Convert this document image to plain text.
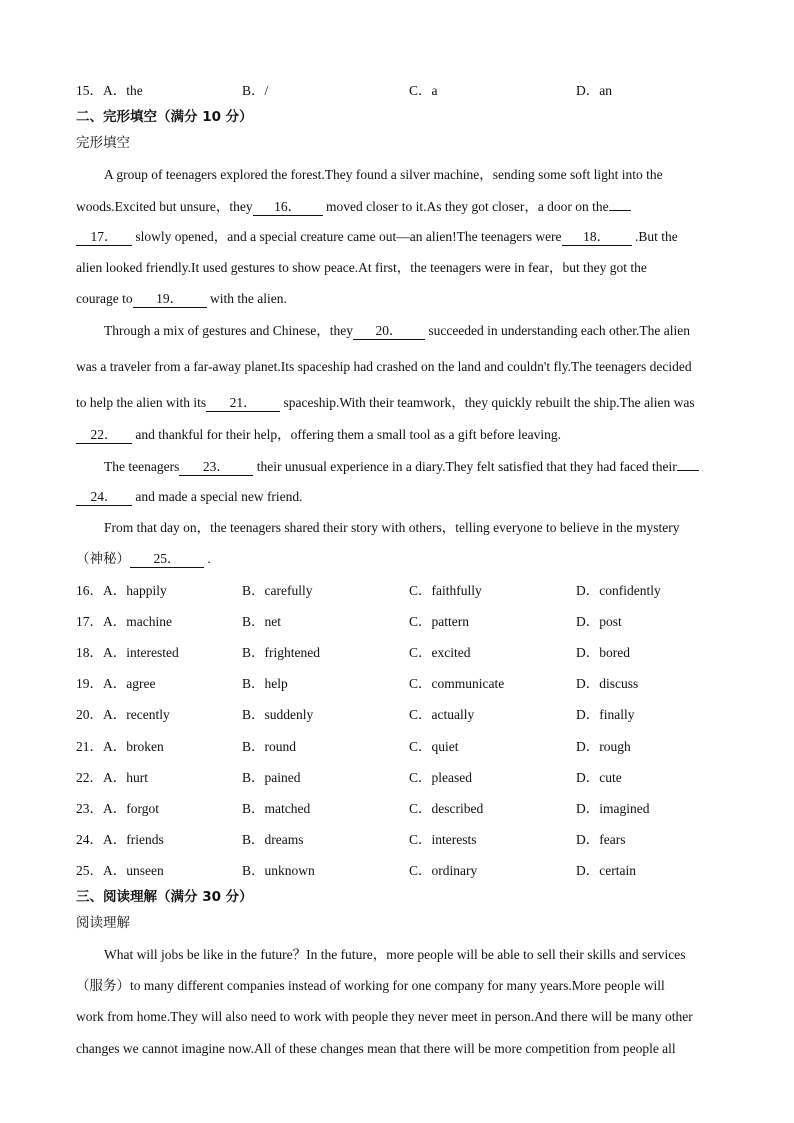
15．A．the	B．/	C．a	D．an
二、完形填空（满分 10 分）
完形填空
A group of teenagers explored the forest.They found a silver machine，sending some soft light into the
woods.Excited but unsure，they 16． moved closer to it.As they got closer，a door on the
17． slowly opened，and a special creature came out—an alien!The teenagers were 18． .But the
alien looked friendly.It used gestures to show peace.At first，the teenagers were in fear，but they got the
courage to 19． with the alien.
Through a mix of gestures and Chinese，they 20． succeeded in understanding each other.The alien
was a traveler from a far-away planet.Its spaceship had crashed on the land and couldn't fly.The teenagers decided
to help the alien with its 21． spaceship.With their teamwork，they quickly rebuilt the ship.The alien was
22． and thankful for their help，offering them a small tool as a gift before leaving.
The teenagers 23． their unusual experience in a diary.They felt satisfied that they had faced their
24． and made a special new friend.
From that day on，the teenagers shared their story with others，telling everyone to believe in the mystery
（神秘） 25． .
16．A．happily	B．carefully	C．faithfully	D．confidently
17．A．machine	B．net	C．pattern	D．post
18．A．interested	B．frightened	C．excited	D．bored
19．A．agree	B．help	C．communicate	D．discuss
20．A．recently	B．suddenly	C．actually	D．finally
21．A．broken	B．round	C．quiet	D．rough
22．A．hurt	B．pained	C．pleased	D．cute
23．A．forgot	B．matched	C．described	D．imagined
24．A．friends	B．dreams	C．interests	D．fears
25．A．unseen	B．unknown	C．ordinary	D．certain
三、阅读理解（满分 30 分）
阅读理解
What will jobs be like in the future？In the future，more people will be able to sell their skills and services
（服务）to many different companies instead of working for one company for many years.More people will
work from home.They will also need to work with people they never meet in person.And there will be many other
changes we cannot imagine now.All of these changes mean that there will be more competition from people all
